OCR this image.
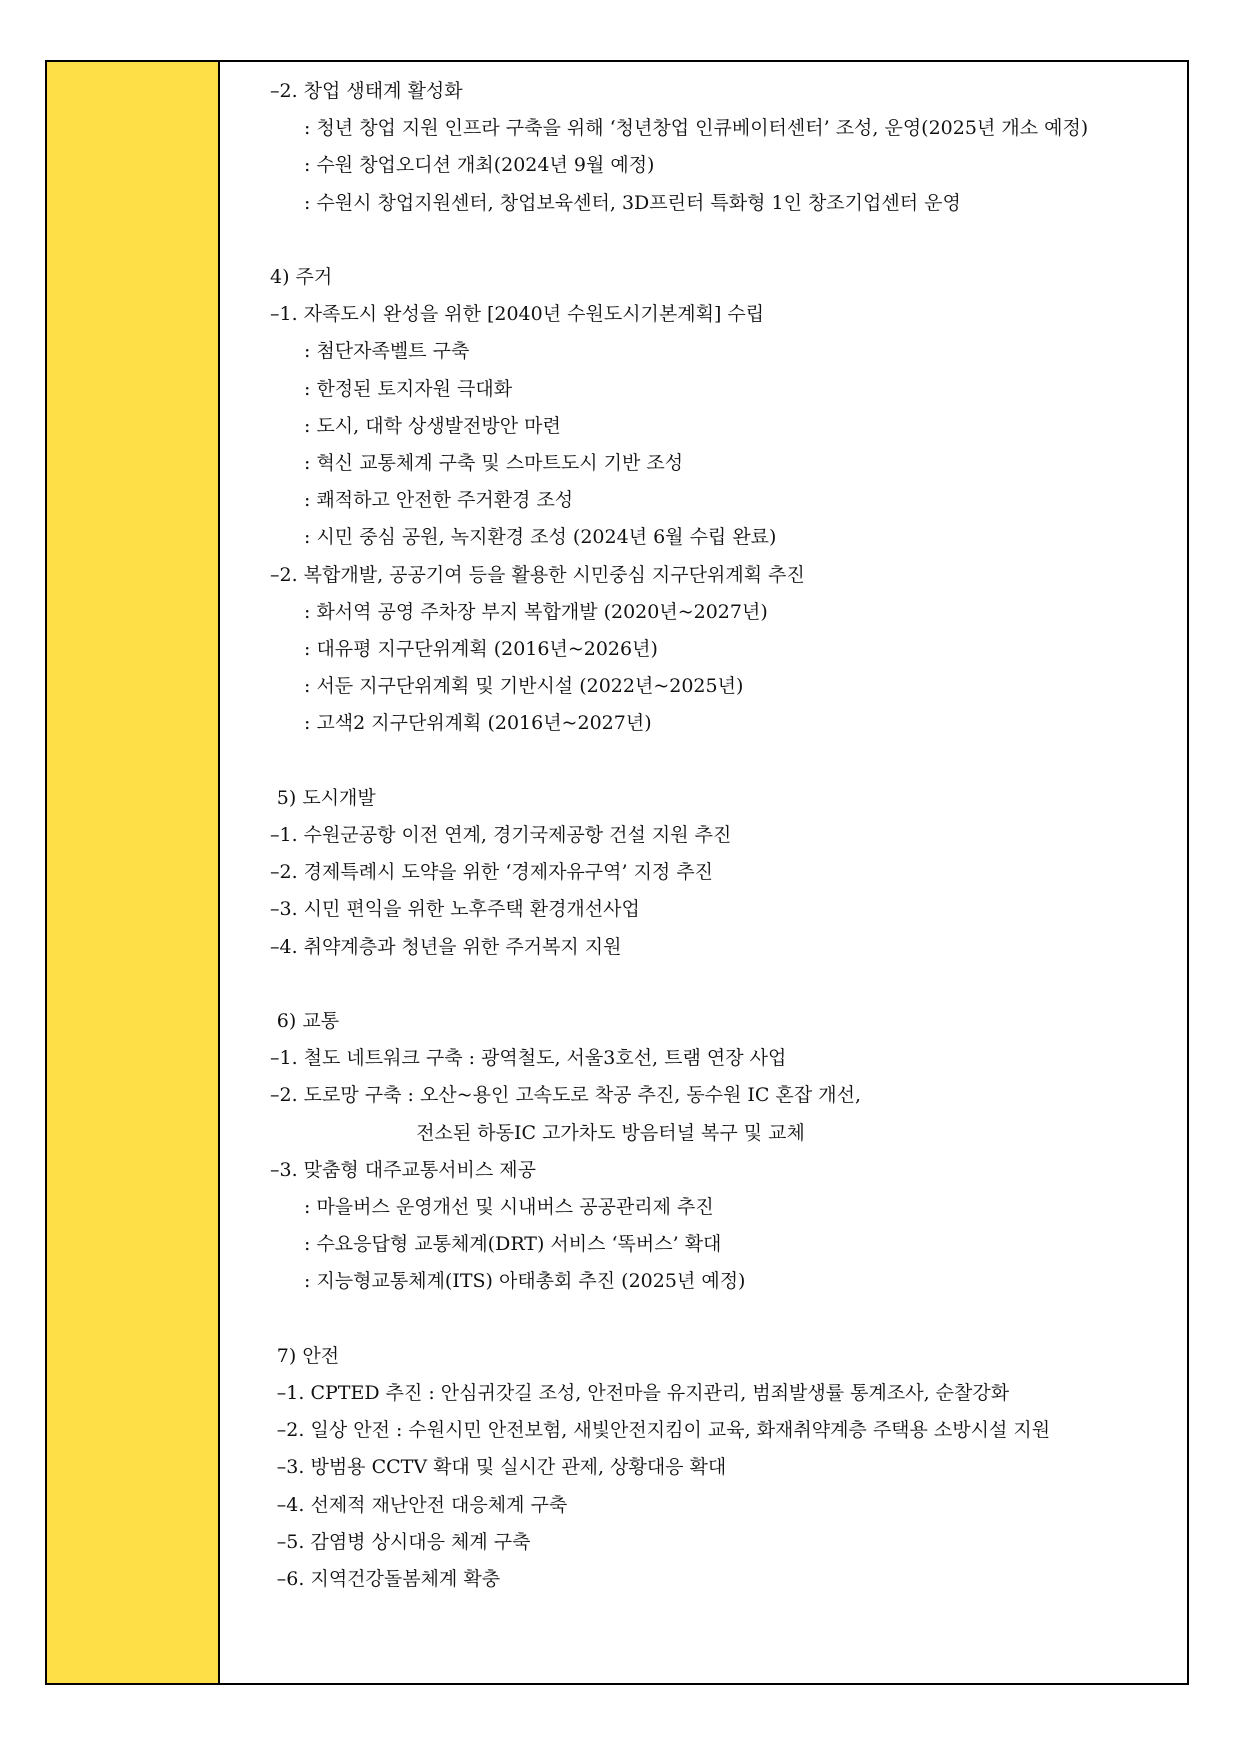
–2. 창업 생태계 활성화
: 청년 창업 지원 인프라 구축을 위해 ‘청년창업 인큐베이터센터’ 조성, 운영(2025년 개소 예정)
: 수원 창업오디션 개최(2024년 9월 예정)
: 수원시 창업지원센터, 창업보육센터, 3D프린터 특화형 1인 창조기업센터 운영
4) 주거
–1. 자족도시 완성을 위한 [2040년 수원도시기본계획] 수립
: 첨단자족벨트 구축
: 한정된 토지자원 극대화
: 도시, 대학 상생발전방안 마련
: 혁신 교통체계 구축 및 스마트도시 기반 조성
: 쾌적하고 안전한 주거환경 조성
: 시민 중심 공원, 녹지환경 조성 (2024년 6월 수립 완료)
–2. 복합개발, 공공기여 등을 활용한 시민중심 지구단위계획 추진
: 화서역 공영 주차장 부지 복합개발 (2020년~2027년)
: 대유평 지구단위계획 (2016년~2026년)
: 서둔 지구단위계획 및 기반시설 (2022년~2025년)
: 고색2 지구단위계획 (2016년~2027년)
5) 도시개발
–1. 수원군공항 이전 연계, 경기국제공항 건설 지원 추진
–2. 경제특례시 도약을 위한 ‘경제자유구역’ 지정 추진
–3. 시민 편익을 위한 노후주택 환경개선사업
–4. 취약계층과 청년을 위한 주거복지 지원
6) 교통
–1. 철도 네트워크 구축 : 광역철도, 서울3호선, 트램 연장 사업
–2. 도로망 구축 : 오산~용인 고속도로 착공 추진, 동수원 IC 혼잡 개선,
전소된 하동IC 고가차도 방음터널 복구 및 교체
–3. 맞춤형 대주교통서비스 제공
: 마을버스 운영개선 및 시내버스 공공관리제 추진
: 수요응답형 교통체계(DRT) 서비스 ‘똑버스’ 확대
: 지능형교통체계(ITS) 아태총회 추진 (2025년 예정)
7) 안전
–1. CPTED 추진 : 안심귀갓길 조성, 안전마을 유지관리, 범죄발생률 통계조사, 순찰강화
–2. 일상 안전 : 수원시민 안전보험, 새빛안전지킴이 교육, 화재취약계층 주택용 소방시설 지원
–3. 방범용 CCTV 확대 및 실시간 관제, 상황대응 확대
–4. 선제적 재난안전 대응체계 구축
–5. 감염병 상시대응 체계 구축
–6. 지역건강돌봄체계 확충
